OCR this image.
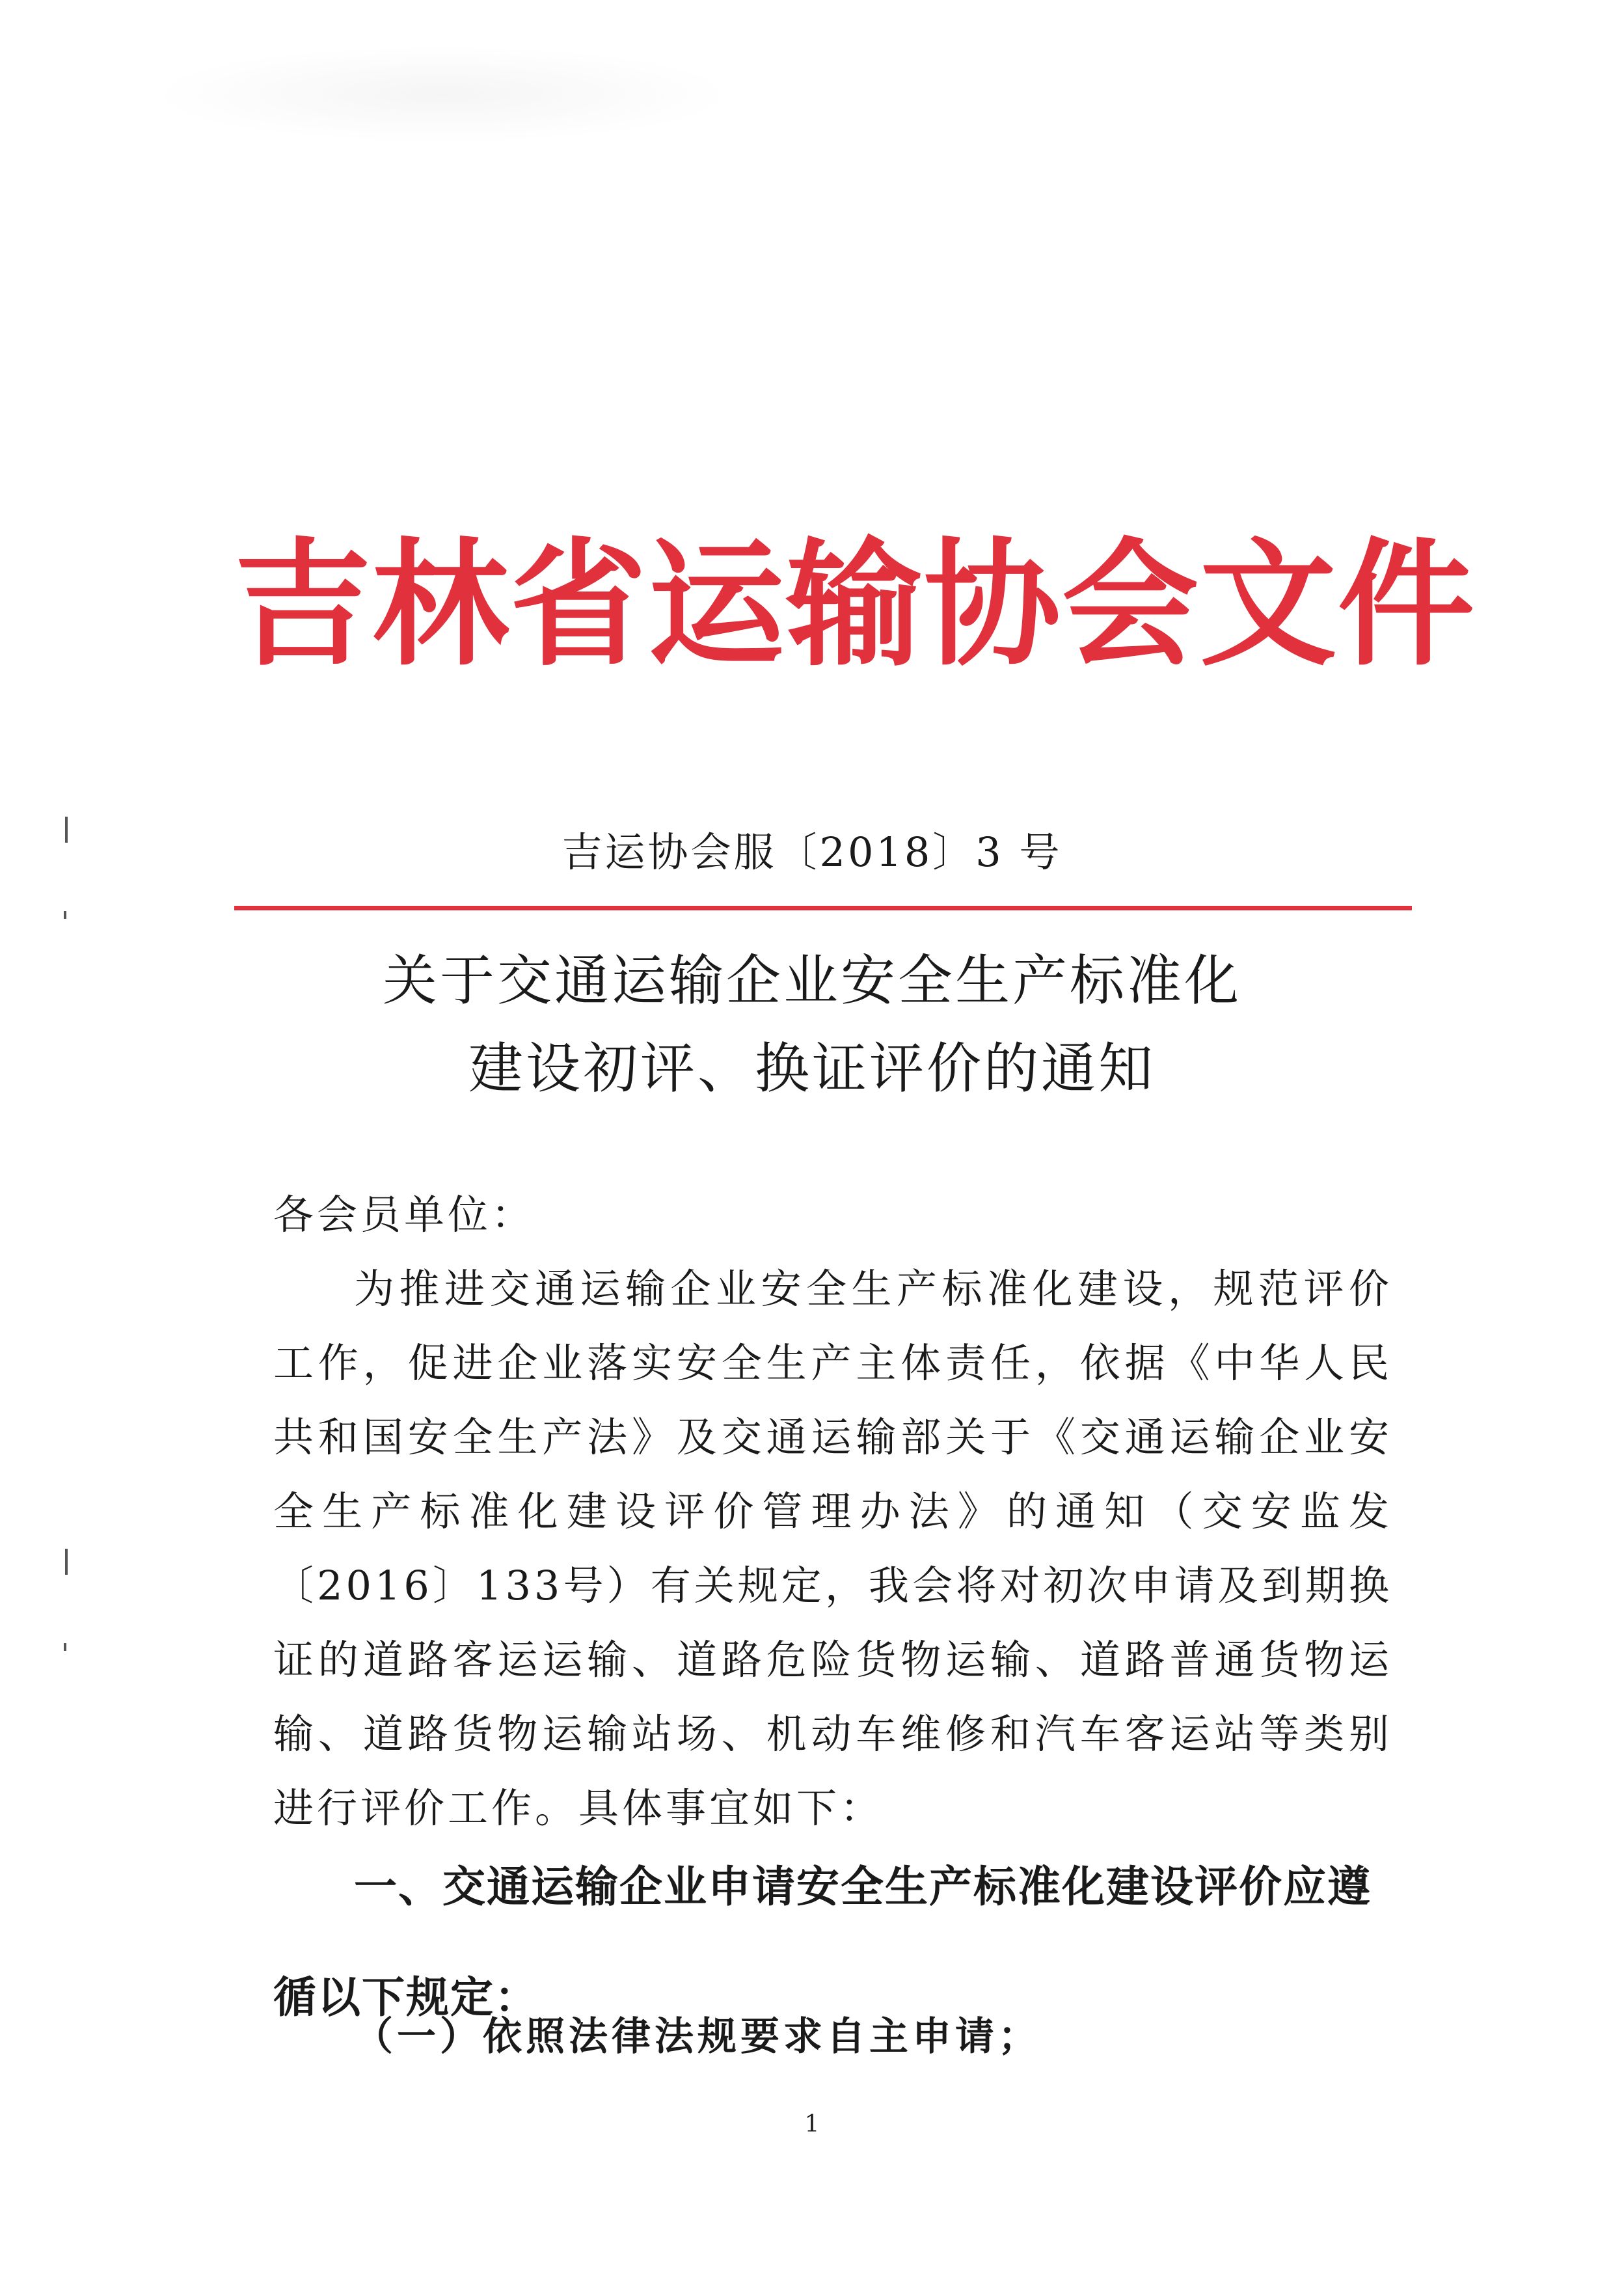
吉林省运输协会文件
吉运协会服〔2018〕3 号
关于交通运输企业安全生产标准化
建设初评、换证评价的通知

各会员单位：

为推进交通运输企业安全生产标准化建设，规范评价工作，促进企业落实安全生产主体责任，依据《中华人民共和国安全生产法》及交通运输部关于《交通运输企业安全生产标准化建设评价管理办法》的通知（交安监发〔2016〕133号）有关规定，我会将对初次申请及到期换证的道路客运运输、道路危险货物运输、道路普通货物运输、道路货物运输站场、机动车维修和汽车客运站等类别进行评价工作。具体事宜如下：

一、交通运输企业申请安全生产标准化建设评价应遵循以下规定：
（一）依照法律法规要求自主申请；
1
